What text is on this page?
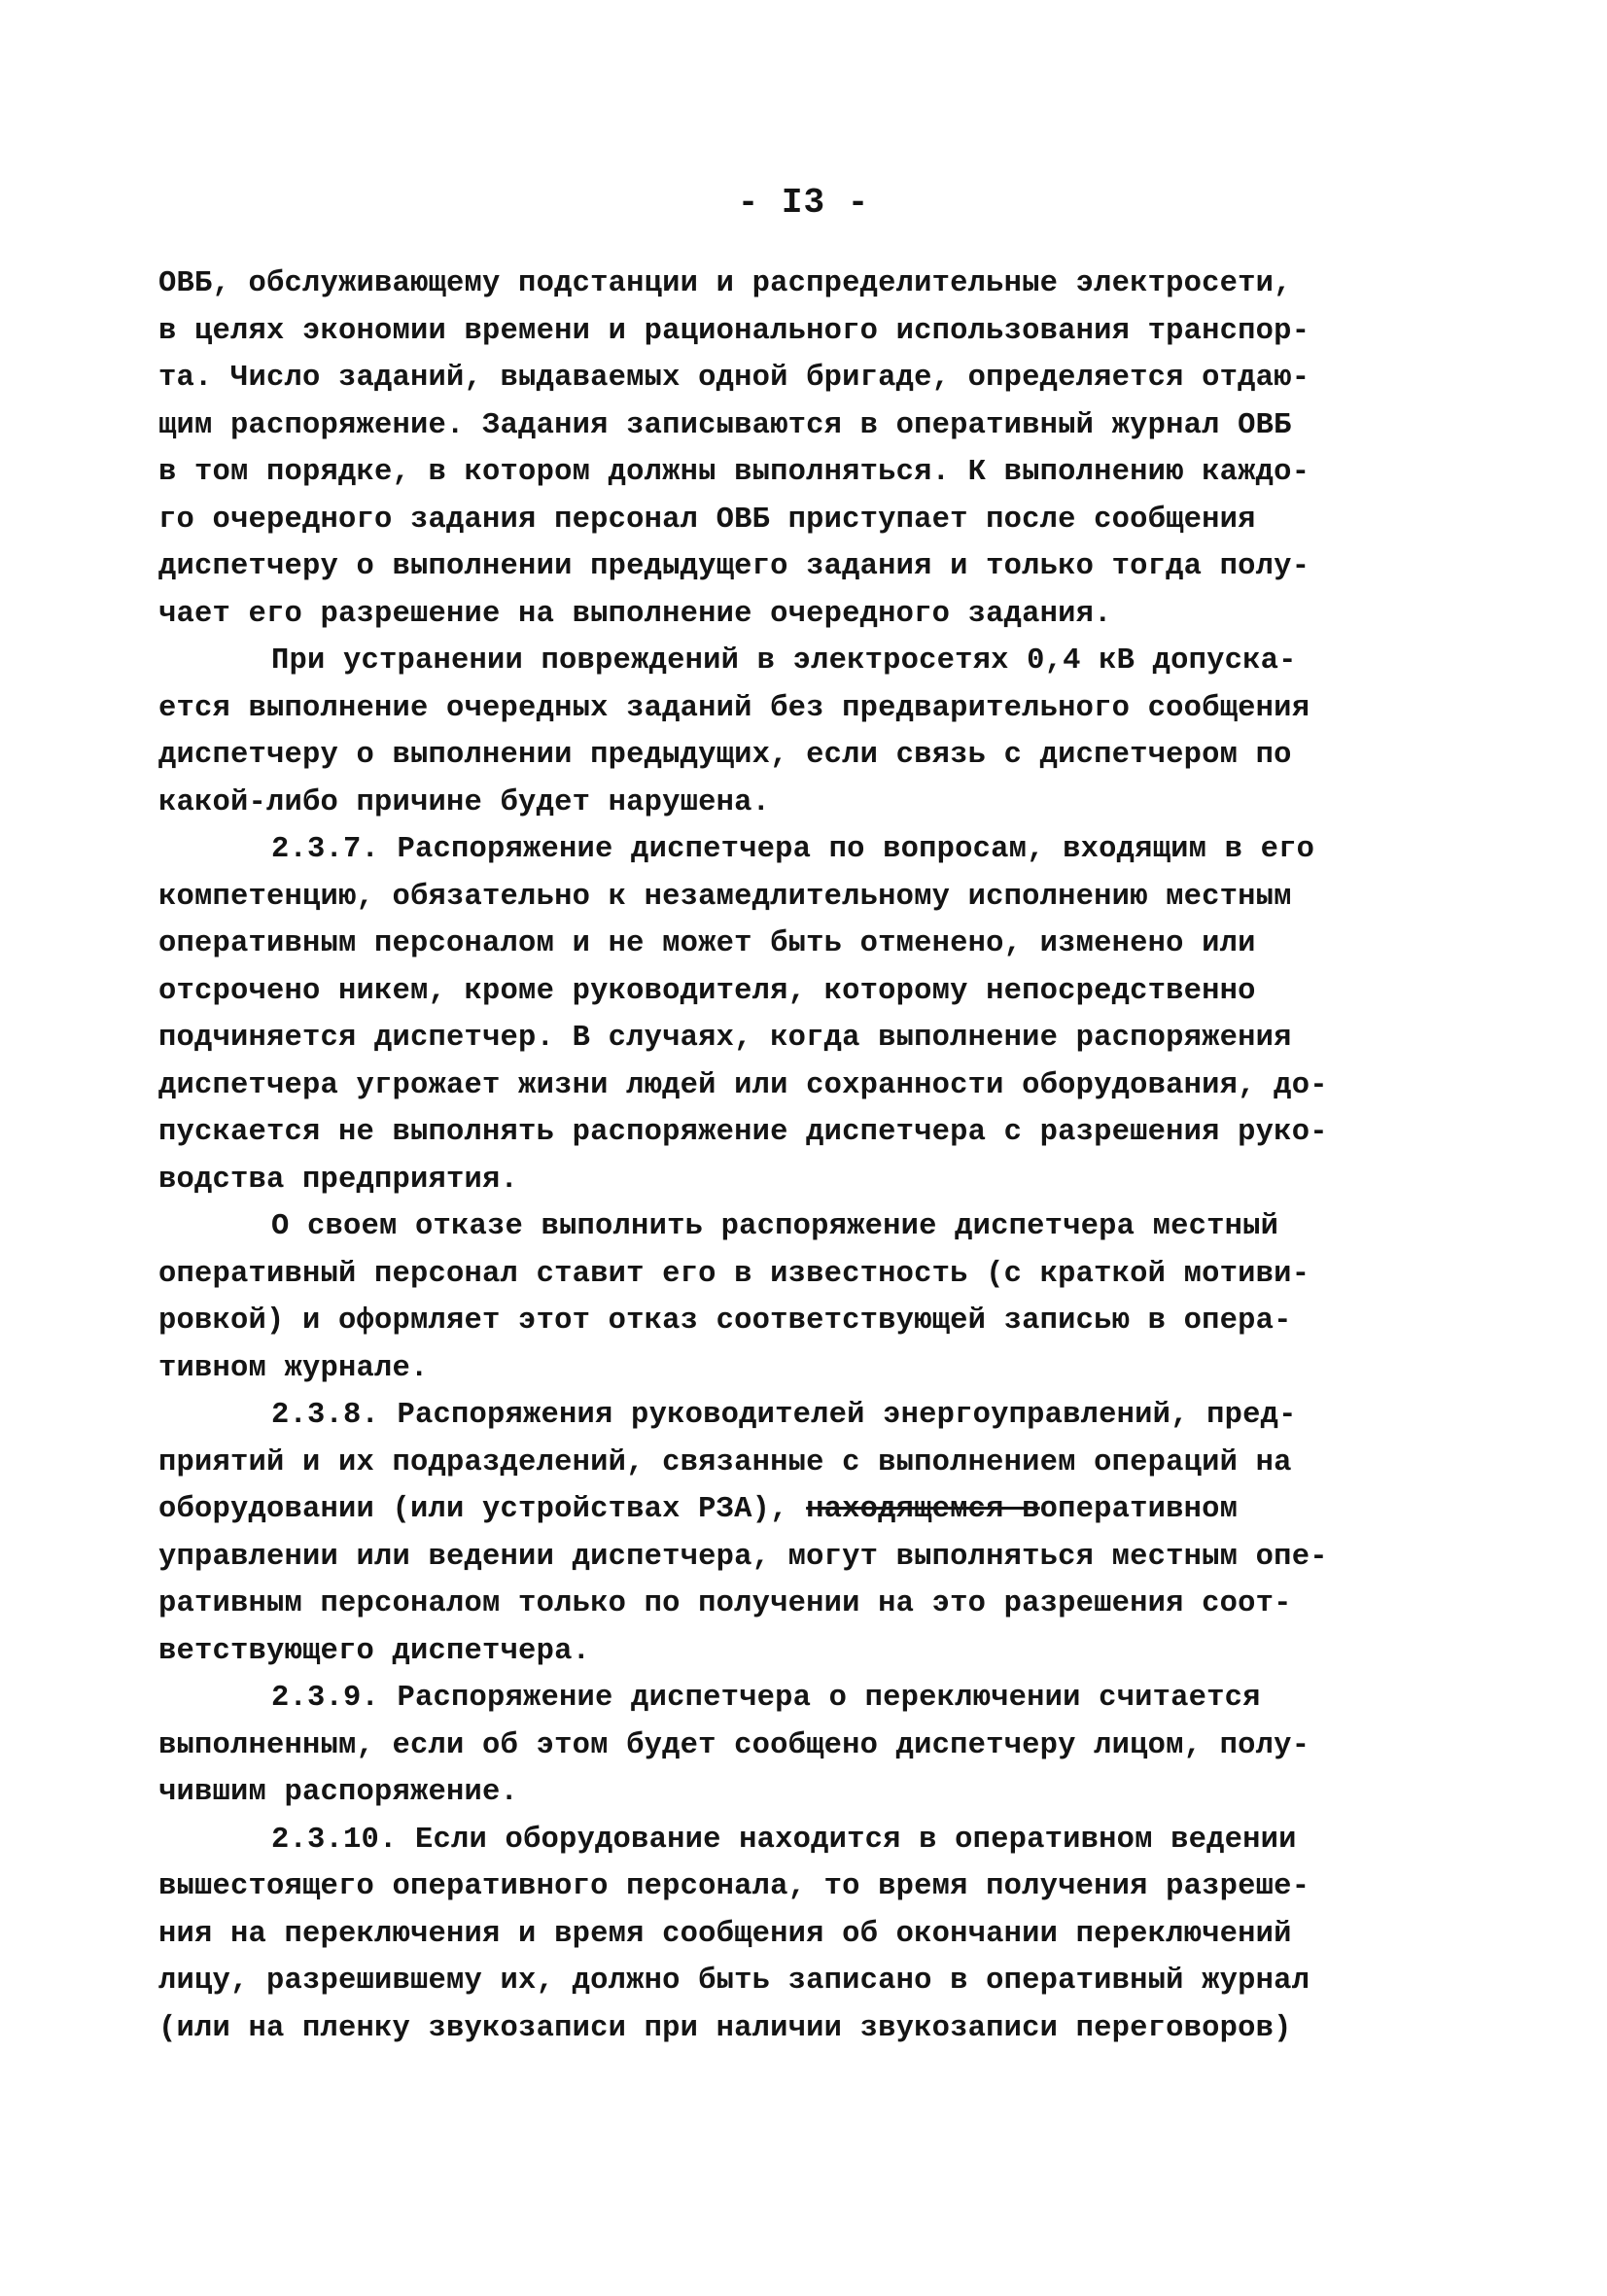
- I3 -
ОВБ, обслуживающему подстанции и распределительные электросети,
в целях экономии времени и рационального использования транспор-
та. Число заданий, выдаваемых одной бригаде, определяется отдаю-
щим распоряжение. Задания записываются в оперативный журнал ОВБ
в том порядке, в котором должны выполняться. К выполнению каждо-
го очередного задания персонал ОВБ приступает после сообщения
диспетчеру о выполнении предыдущего задания и только тогда полу-
чает его разрешение на выполнение очередного задания.
При устранении повреждений в электросетях 0,4 кВ допуска-
ется выполнение очередных заданий без предварительного сообщения
диспетчеру о выполнении предыдущих, если связь с диспетчером по
какой-либо причине будет нарушена.
2.3.7. Распоряжение диспетчера по вопросам, входящим в его
компетенцию, обязательно к незамедлительному исполнению местным
оперативным персоналом и не может быть отменено, изменено или
отсрочено никем, кроме руководителя, которому непосредственно
подчиняется диспетчер. В случаях, когда выполнение распоряжения
диспетчера угрожает жизни людей или сохранности оборудования, до-
пускается не выполнять распоряжение диспетчера с разрешения руко-
водства предприятия.
О своем отказе выполнить распоряжение диспетчера местный
оперативный персонал ставит его в известность (с краткой мотиви-
ровкой) и оформляет этот отказ соответствующей записью в опера-
тивном журнале.
2.3.8. Распоряжения руководителей энергоуправлений, пред-
приятий и их подразделений, связанные с выполнением операций на
оборудовании (или устройствах РЗА), находящемся воперативном
управлении или ведении диспетчера, могут выполняться местным опе-
ративным персоналом только по получении на это разрешения соот-
ветствующего диспетчера.
2.3.9. Распоряжение диспетчера о переключении считается
выполненным, если об этом будет сообщено диспетчеру лицом, полу-
чившим распоряжение.
2.3.10. Если оборудование находится в оперативном ведении
вышестоящего оперативного персонала, то время получения разреше-
ния на переключения и время сообщения об окончании переключений
лицу, разрешившему их, должно быть записано в оперативный журнал
(или на пленку звукозаписи при наличии звукозаписи переговоров)
